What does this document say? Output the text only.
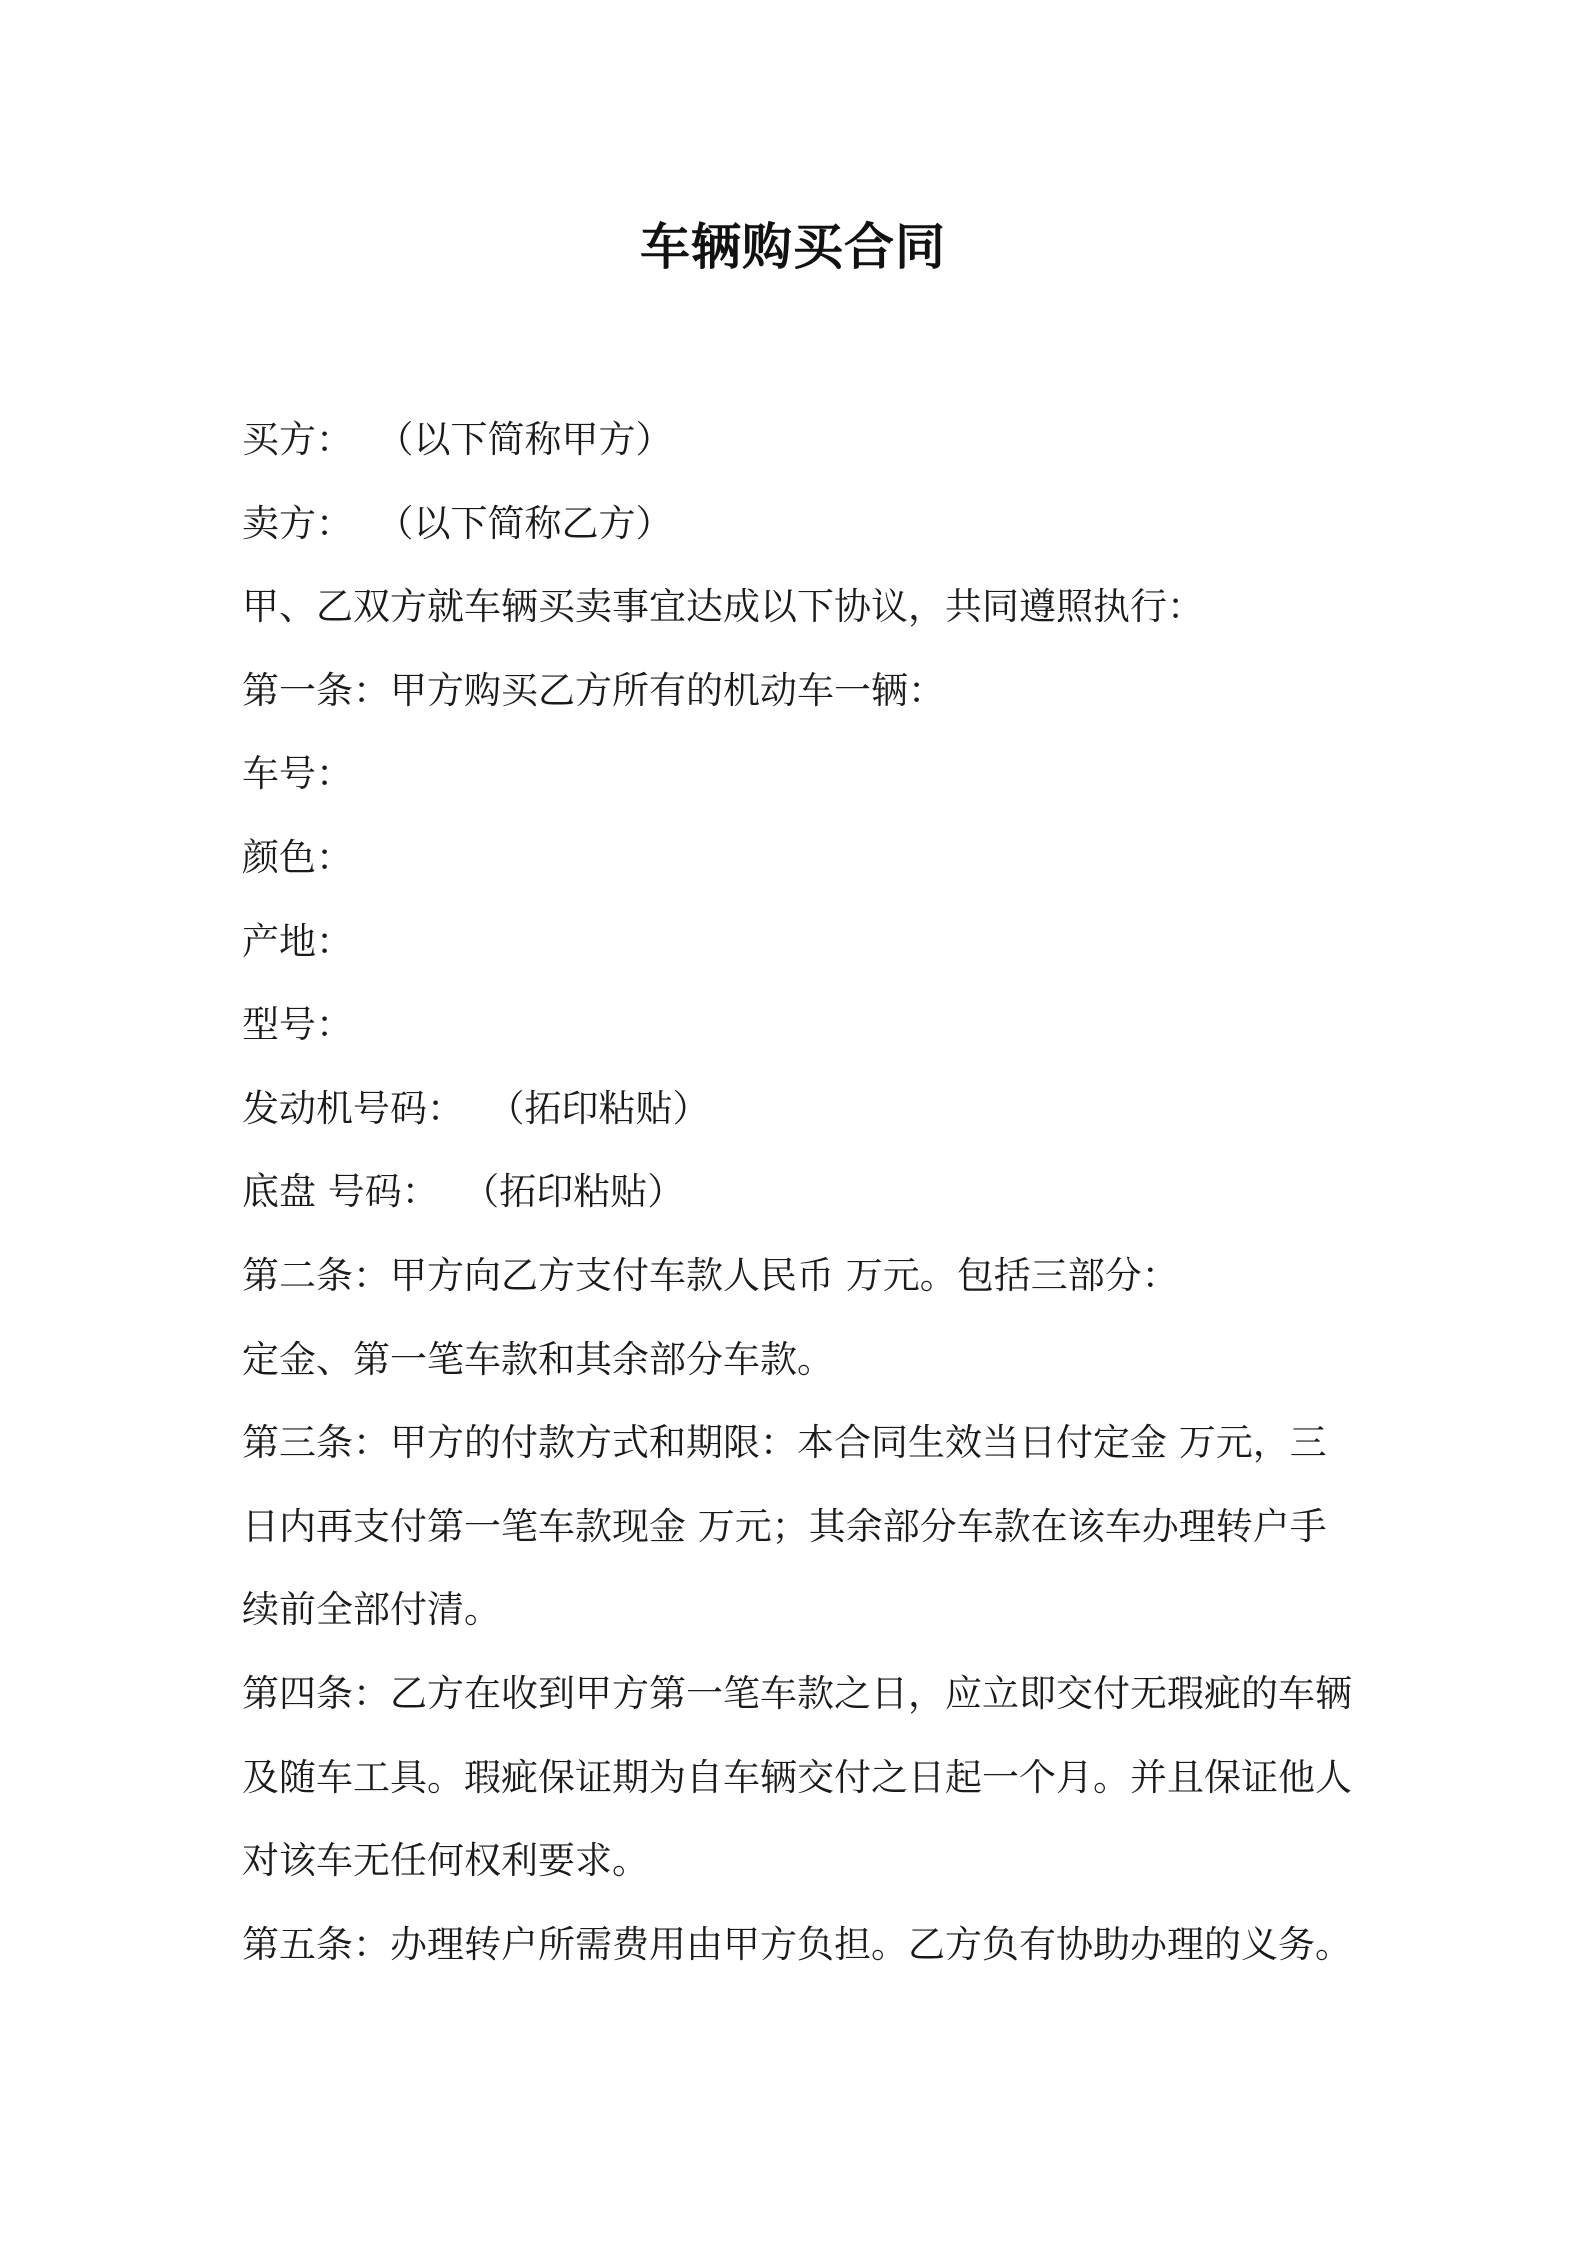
车辆购买合同
买方：  （以下简称甲方）
卖方：  （以下简称乙方）
甲、乙双方就车辆买卖事宜达成以下协议，共同遵照执行：
第一条：甲方购买乙方所有的机动车一辆：
车号：
颜色：
产地：
型号：
发动机号码：  （拓印粘贴）
底盘 号码：  （拓印粘贴）
第二条：甲方向乙方支付车款人民币 万元。包括三部分：
定金、第一笔车款和其余部分车款。
第三条：甲方的付款方式和期限：本合同生效当日付定金 万元，三
日内再支付第一笔车款现金 万元；其余部分车款在该车办理转户手
续前全部付清。
第四条：乙方在收到甲方第一笔车款之日，应立即交付无瑕疵的车辆
及随车工具。瑕疵保证期为自车辆交付之日起一个月。并且保证他人
对该车无任何权利要求。
第五条：办理转户所需费用由甲方负担。乙方负有协助办理的义务。
